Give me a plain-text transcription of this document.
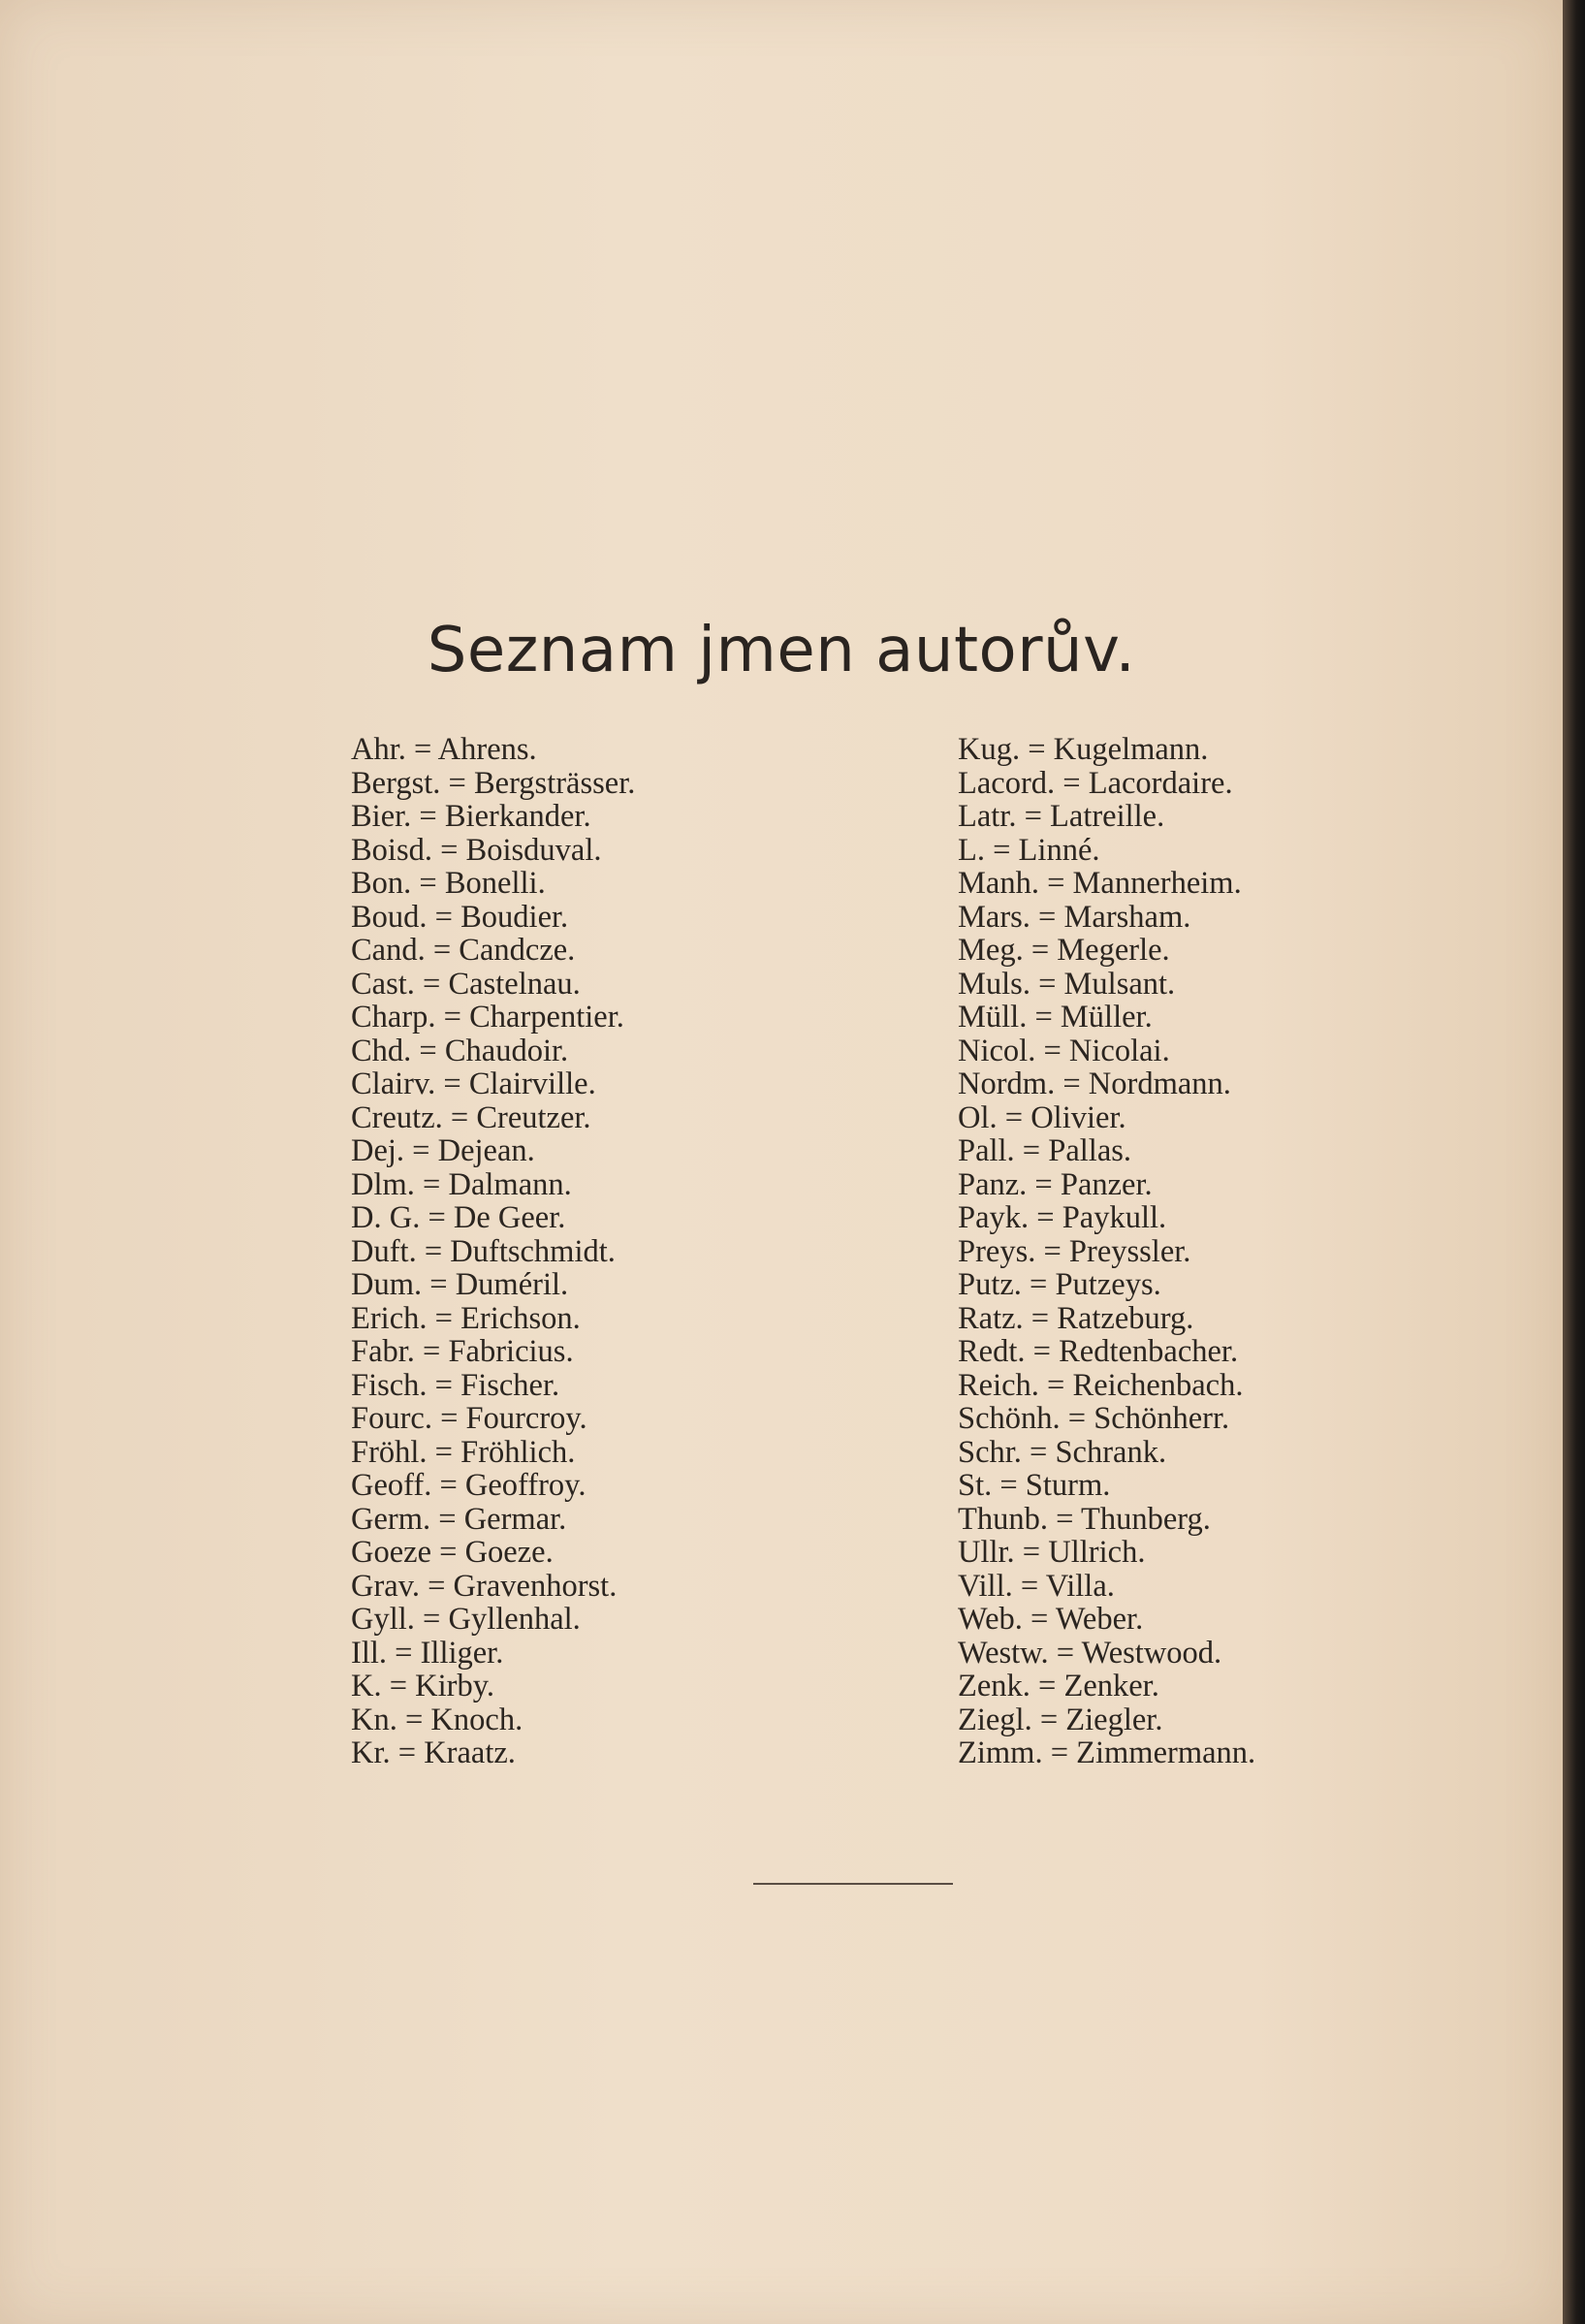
Seznam jmen autorův.
Ahr. = Ahrens.
Bergst. = Bergsträsser.
Bier. = Bierkander.
Boisd. = Boisduval.
Bon. = Bonelli.
Boud. = Boudier.
Cand. = Candcze.
Cast. = Castelnau.
Charp. = Charpentier.
Chd. = Chaudoir.
Clairv. = Clairville.
Creutz. = Creutzer.
Dej. = Dejean.
Dlm. = Dalmann.
D. G. = De Geer.
Duft. = Duftschmidt.
Dum. = Duméril.
Erich. = Erichson.
Fabr. = Fabricius.
Fisch. = Fischer.
Fourc. = Fourcroy.
Fröhl. = Fröhlich.
Geoff. = Geoffroy.
Germ. = Germar.
Goeze = Goeze.
Grav. = Gravenhorst.
Gyll. = Gyllenhal.
Ill. = Illiger.
K. = Kirby.
Kn. = Knoch.
Kr. = Kraatz.
Kug. = Kugelmann.
Lacord. = Lacordaire.
Latr. = Latreille.
L. = Linné.
Manh. = Mannerheim.
Mars. = Marsham.
Meg. = Megerle.
Muls. = Mulsant.
Müll. = Müller.
Nicol. = Nicolai.
Nordm. = Nordmann.
Ol. = Olivier.
Pall. = Pallas.
Panz. = Panzer.
Payk. = Paykull.
Preys. = Preyssler.
Putz. = Putzeys.
Ratz. = Ratzeburg.
Redt. = Redtenbacher.
Reich. = Reichenbach.
Schönh. = Schönherr.
Schr. = Schrank.
St. = Sturm.
Thunb. = Thunberg.
Ullr. = Ullrich.
Vill. = Villa.
Web. = Weber.
Westw. = Westwood.
Zenk. = Zenker.
Ziegl. = Ziegler.
Zimm. = Zimmermann.
